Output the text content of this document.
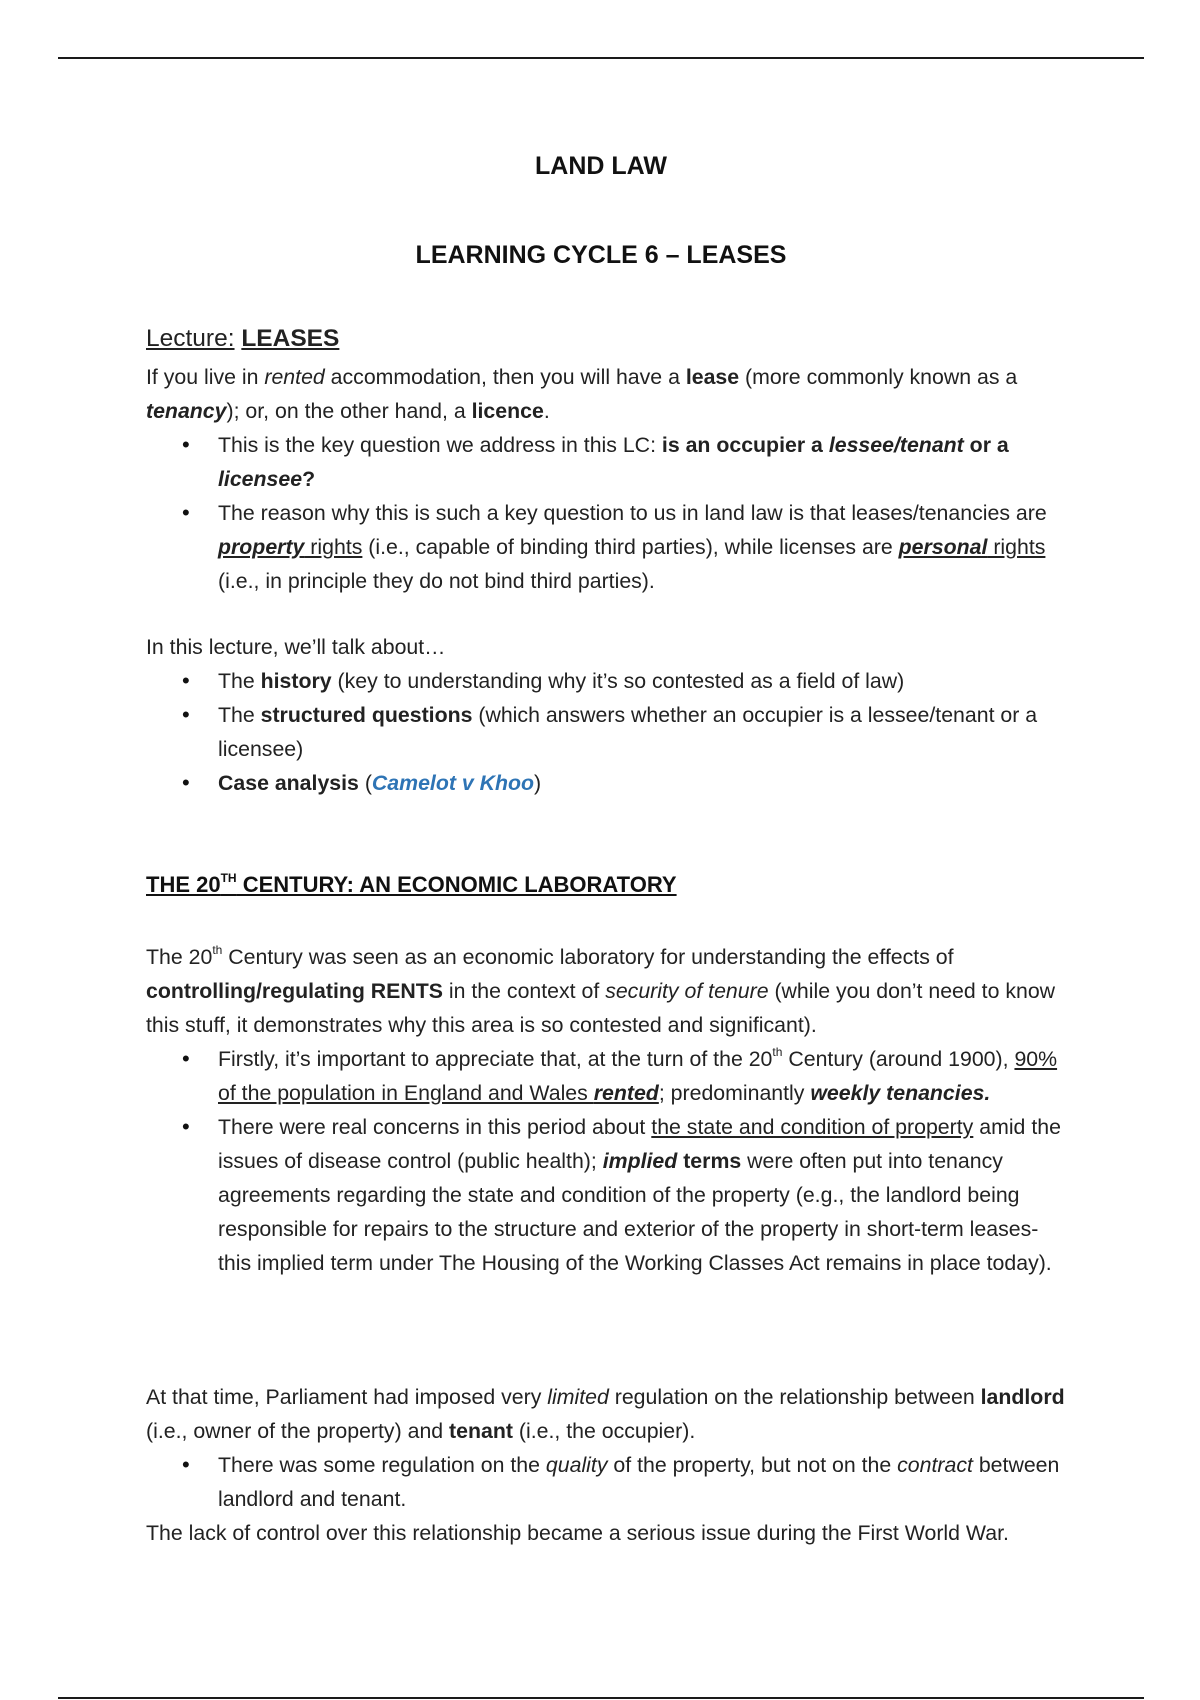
LAND LAW
LEARNING CYCLE 6 – LEASES
Lecture: LEASES

If you live in rented accommodation, then you will have a lease (more commonly known as a tenancy); or, on the other hand, a licence.

• This is the key question we address in this LC: is an occupier a lessee/tenant or a licensee?
• The reason why this is such a key question to us in land law is that leases/tenancies are property rights (i.e., capable of binding third parties), while licenses are personal rights (i.e., in principle they do not bind third parties).

In this lecture, we’ll talk about…

• The history (key to understanding why it’s so contested as a field of law)
• The structured questions (which answers whether an occupier is a lessee/tenant or a licensee)
• Case analysis (Camelot v Khoo)
THE 20TH CENTURY: AN ECONOMIC LABORATORY

The 20th Century was seen as an economic laboratory for understanding the effects of controlling/regulating RENTS in the context of security of tenure (while you don’t need to know this stuff, it demonstrates why this area is so contested and significant).

• Firstly, it’s important to appreciate that, at the turn of the 20th Century (around 1900), 90% of the population in England and Wales rented; predominantly weekly tenancies.
• There were real concerns in this period about the state and condition of property amid the issues of disease control (public health); implied terms were often put into tenancy agreements regarding the state and condition of the property (e.g., the landlord being responsible for repairs to the structure and exterior of the property in short-term leases- this implied term under The Housing of the Working Classes Act remains in place today).

At that time, Parliament had imposed very limited regulation on the relationship between landlord (i.e., owner of the property) and tenant (i.e., the occupier).

• There was some regulation on the quality of the property, but not on the contract between landlord and tenant.

The lack of control over this relationship became a serious issue during the First World War.
